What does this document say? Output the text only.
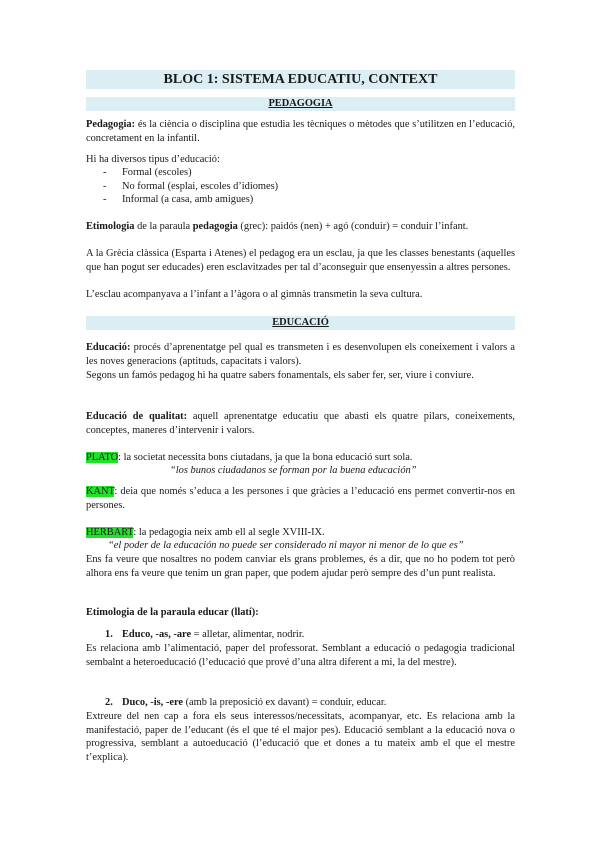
BLOC 1: SISTEMA EDUCATIU, CONTEXT
PEDAGOGIA
Pedagogia: és la ciència o disciplina que estudia les tècniques o mètodes que s’utilitzen en l’educació, concretament en la infantil.
Hi ha diversos tipus d’educació:
- Formal (escoles)
- No formal (esplai, escoles d’idiomes)
- Informal (a casa, amb amigues)
Etimologia de la paraula pedagogia (grec): paidós (nen) + agó (conduir) = conduir l’infant.
A la Grècia clàssica (Esparta i Atenes) el pedagog era un esclau, ja que les classes benestants (aquelles que han pogut ser educades) eren esclavitzades per tal d’aconseguir que ensenyessin a altres persones.
L’esclau acompanyava a l’infant a l’àgora o al gimnàs transmetin la seva cultura.
EDUCACIÓ
Educació: procés d’aprenentatge pel qual es transmeten i es desenvolupen els coneixement i valors a les noves generacions (aptituds, capacitats i valors).
Segons un famós pedagog hi ha quatre sabers fonamentals, els saber fer, ser, viure i conviure.
Educació de qualitat: aquell aprenentatge educatiu que abasti els quatre pilars, coneixements, conceptes, maneres d’intervenir i valors.
PLATO: la societat necessita bons ciutadans, ja que la bona educació surt sola.
“los bunos ciudadanos se forman por la buena educación”
KANT: deia que només s’educa a les persones i que gràcies a l’educació ens permet convertir-nos en persones.
HERBART: la pedagogia neix amb ell al segle XVIII-IX.
“el poder de la educación no puede ser considerado ni mayor ni menor de lo que es”
Ens fa veure que nosaltres no podem canviar els grans problemes, és a dir, que no ho podem tot però alhora ens fa veure que tenim un gran paper, que podem ajudar però sempre des d’un punt realista.
Etimologia de la paraula educar (llatí):
1. Educo, -as, -are = alletar, alimentar, nodrir.
Es relaciona amb l’alimentació, paper del professorat. Semblant a educació o pedagogia tradicional sembalnt a heteroeducació (l’educació que prové d’una altra diferent a mi, la del mestre).
2. Duco, -is, -ere (amb la preposició ex davant) = conduir, educar.
Extreure del nen cap a fora els seus interessos/necessitats, acompanyar, etc. Es relaciona amb la manifestació, paper de l’educant (és el que té el major pes). Educació semblant a la educació nova o progressiva, semblant a autoeducació (l’educació que et dones a tu mateix amb el que el mestre t’explica).
